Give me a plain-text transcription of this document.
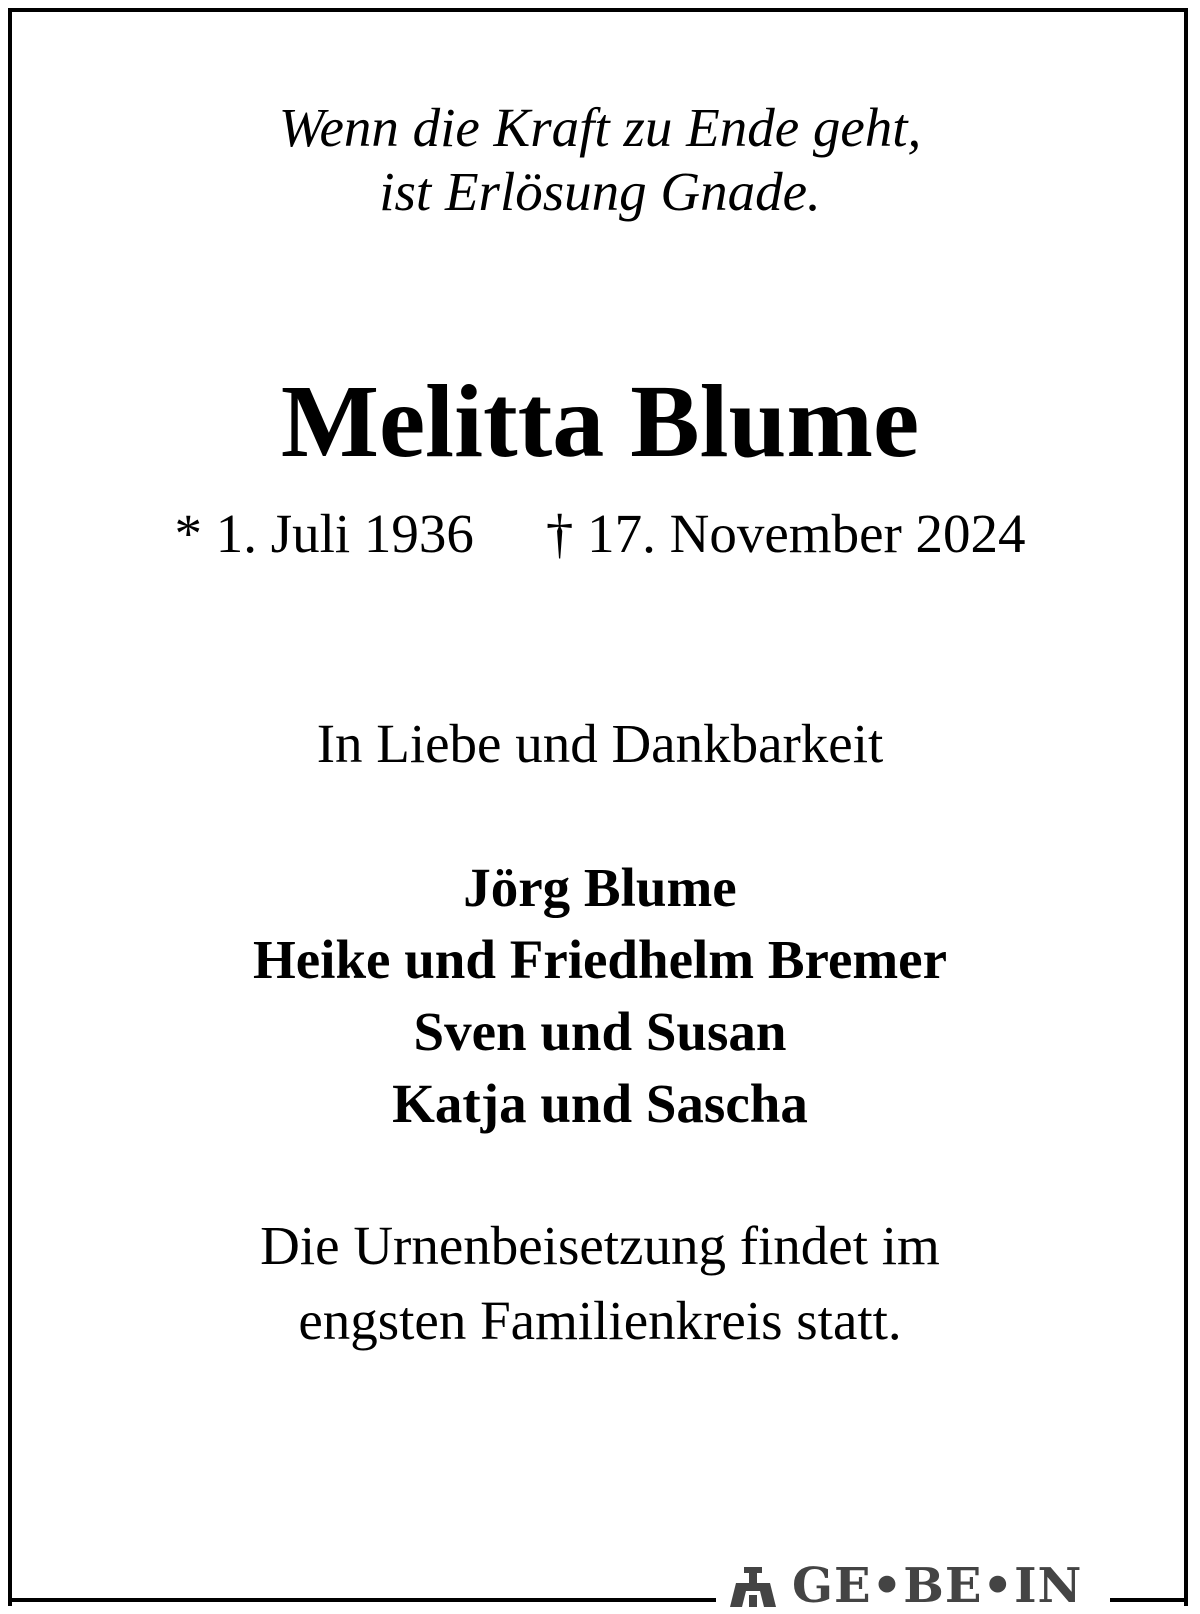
Wenn die Kraft zu Ende geht,
ist Erlösung Gnade.
Melitta Blume
* 1. Juli 1936 † 17. November 2024
In Liebe und Dankbarkeit
Jörg Blume
Heike und Friedhelm Bremer
Sven und Susan
Katja und Sascha
Die Urnenbeisetzung findet im
engsten Familienkreis statt.
GE•BE•IN
